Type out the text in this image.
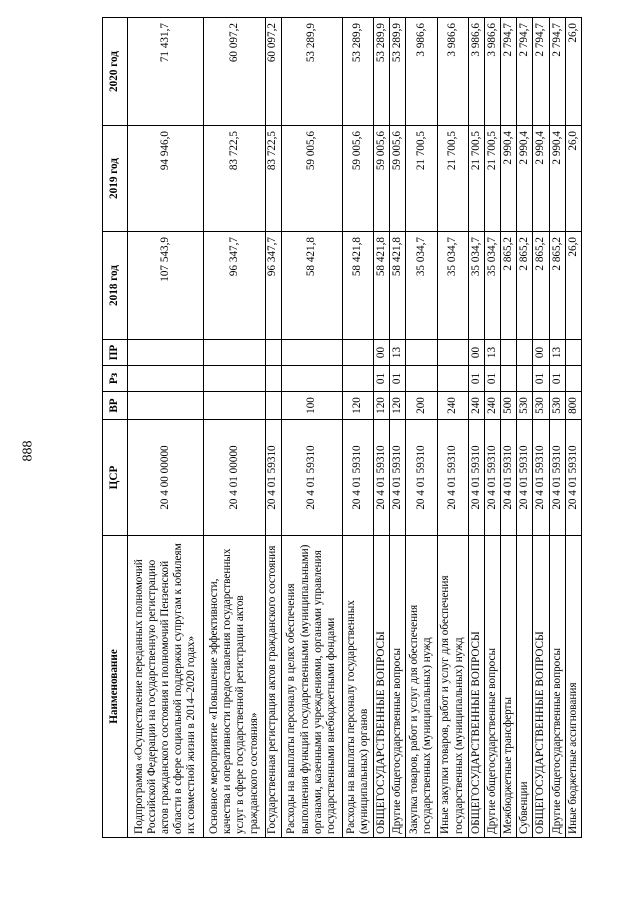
888
Наименование	ЦСР	ВР	Рз	ПР	2018 год	2019 год	2020 год
Подпрограмма «Осуществление переданных полномочий Российской Федерации на государственную регистрацию актов гражданского состояния и полномочий Пензенской области в сфере социальной поддержки супругам к юбилеям их совместной жизни в 2014–2020 годах»	20 4 00 00000				107 543,9	94 946,0	71 431,7
Основное мероприятие «Повышение эффективности, качества и оперативности предоставления государственных услуг в сфере государственной регистрации актов гражданского состояния»	20 4 01 00000				96 347,7	83 722,5	60 097,2
Государственная регистрация актов гражданского состояния	20 4 01 59310				96 347,7	83 722,5	60 097,2
Расходы на выплаты персоналу в целях обеспечения выполнения функций государственными (муниципальными) органами, казенными учреждениями, органами управления государственными внебюджетными фондами	20 4 01 59310	100			58 421,8	59 005,6	53 289,9
Расходы на выплаты персоналу государственных (муниципальных) органов	20 4 01 59310	120			58 421,8	59 005,6	53 289,9
ОБЩЕГОСУДАРСТВЕННЫЕ ВОПРОСЫ	20 4 01 59310	120	01	00	58 421,8	59 005,6	53 289,9
Другие общегосударственные вопросы	20 4 01 59310	120	01	13	58 421,8	59 005,6	53 289,9
Закупка товаров, работ и услуг для обеспечения государственных (муниципальных) нужд	20 4 01 59310	200			35 034,7	21 700,5	3 986,6
Иные закупки товаров, работ и услуг для обеспечения государственных (муниципальных) нужд	20 4 01 59310	240			35 034,7	21 700,5	3 986,6
ОБЩЕГОСУДАРСТВЕННЫЕ ВОПРОСЫ	20 4 01 59310	240	01	00	35 034,7	21 700,5	3 986,6
Другие общегосударственные вопросы	20 4 01 59310	240	01	13	35 034,7	21 700,5	3 986,6
Межбюджетные трансферты	20 4 01 59310	500			2 865,2	2 990,4	2 794,7
Субвенции	20 4 01 59310	530			2 865,2	2 990,4	2 794,7
ОБЩЕГОСУДАРСТВЕННЫЕ ВОПРОСЫ	20 4 01 59310	530	01	00	2 865,2	2 990,4	2 794,7
Другие общегосударственные вопросы	20 4 01 59310	530	01	13	2 865,2	2 990,4	2 794,7
Иные бюджетные ассигнования	20 4 01 59310	800			26,0	26,0	26,0
